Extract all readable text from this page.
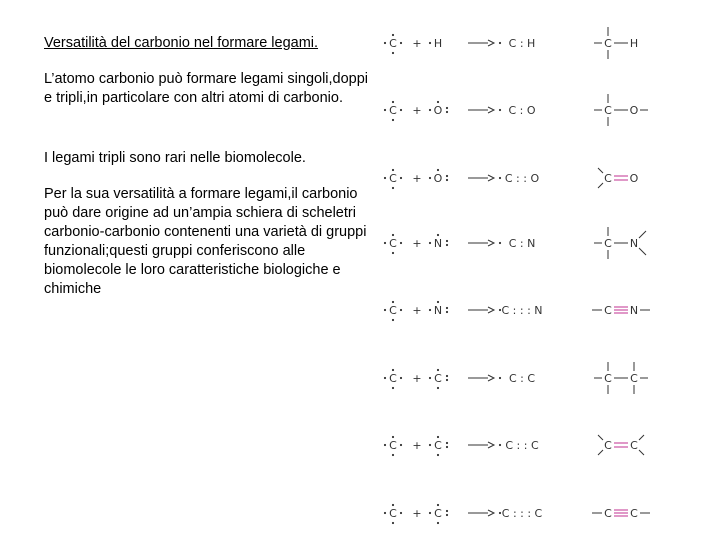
Versatilità del carbonio nel formare legami.
L’atomo carbonio può formare legami singoli,doppi e tripli,in particolare con altri atomi di carbonio.
I legami tripli sono rari nelle biomolecole.
Per la sua versatilità a formare legami,il carbonio può dare origine ad un’ampia schiera di scheletri carbonio-carbonio contenenti una varietà di gruppi funzionali;questi gruppi conferiscono alle biomolecole le loro caratteristiche biologiche e chimiche
C + H	C : H	C H
C + O	C : O	C O
C + O	C : : O	C O
C + N	C : N	C N
C + N	C : : : N	C N
C + C	C : C	C C
C + C	C : : C	C C
C + C	C : : : C	C C
